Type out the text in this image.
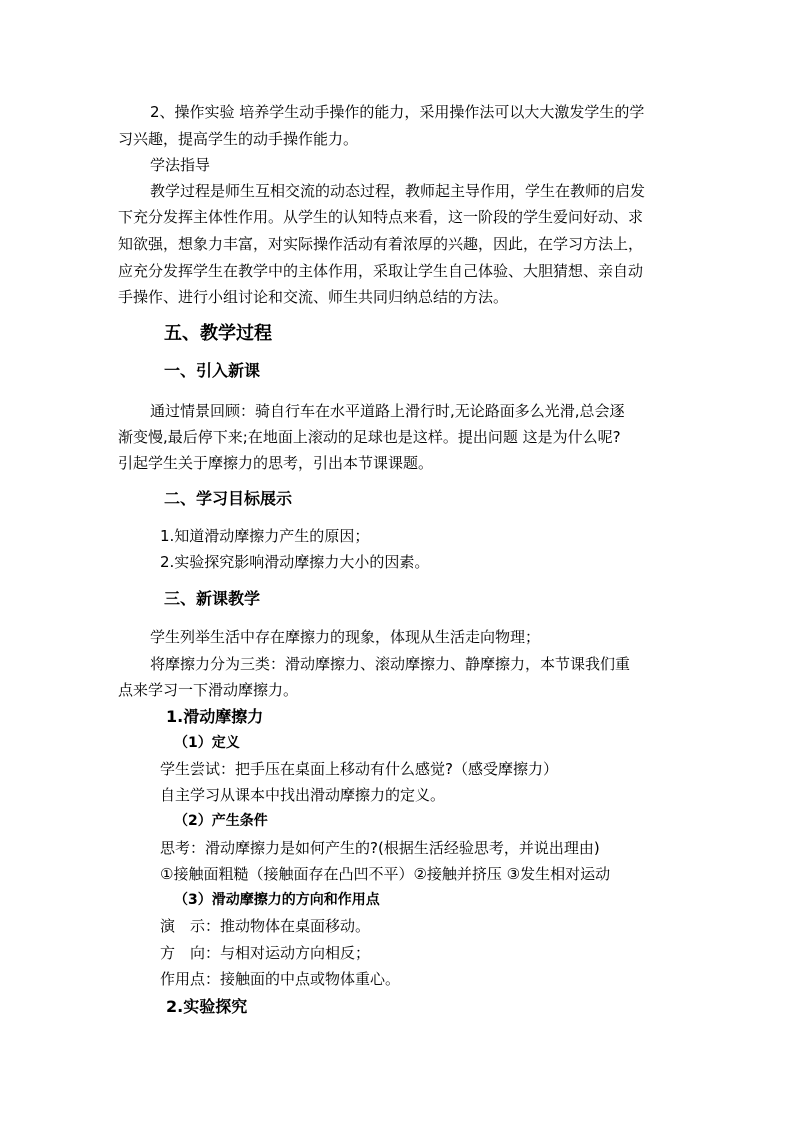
2、操作实验 培养学生动手操作的能力，采用操作法可以大大激发学生的学
习兴趣，提高学生的动手操作能力。
学法指导
教学过程是师生互相交流的动态过程，教师起主导作用，学生在教师的启发
下充分发挥主体性作用。从学生的认知特点来看，这一阶段的学生爱问好动、求
知欲强，想象力丰富，对实际操作活动有着浓厚的兴趣，因此，在学习方法上，
应充分发挥学生在教学中的主体作用，采取让学生自己体验、大胆猜想、亲自动
手操作、进行小组讨论和交流、师生共同归纳总结的方法。
五、教学过程
一、引入新课
通过情景回顾：骑自行车在水平道路上滑行时,无论路面多么光滑,总会逐
渐变慢,最后停下来;在地面上滚动的足球也是这样。提出问题 这是为什么呢?
引起学生关于摩擦力的思考，引出本节课课题。
二、学习目标展示
1.知道滑动摩擦力产生的原因；
2.实验探究影响滑动摩擦力大小的因素。
三、新课教学
学生列举生活中存在摩擦力的现象，体现从生活走向物理；
将摩擦力分为三类：滑动摩擦力、滚动摩擦力、静摩擦力，本节课我们重
点来学习一下滑动摩擦力。
1.滑动摩擦力
（1）定义
学生尝试：把手压在桌面上移动有什么感觉?（感受摩擦力）
自主学习从课本中找出滑动摩擦力的定义。
（2）产生条件
思考：滑动摩擦力是如何产生的?(根据生活经验思考，并说出理由)
①接触面粗糙（接触面存在凸凹不平）②接触并挤压 ③发生相对运动
（3）滑动摩擦力的方向和作用点
演　示：推动物体在桌面移动。
方　向：与相对运动方向相反；
作用点：接触面的中点或物体重心。
2.实验探究
